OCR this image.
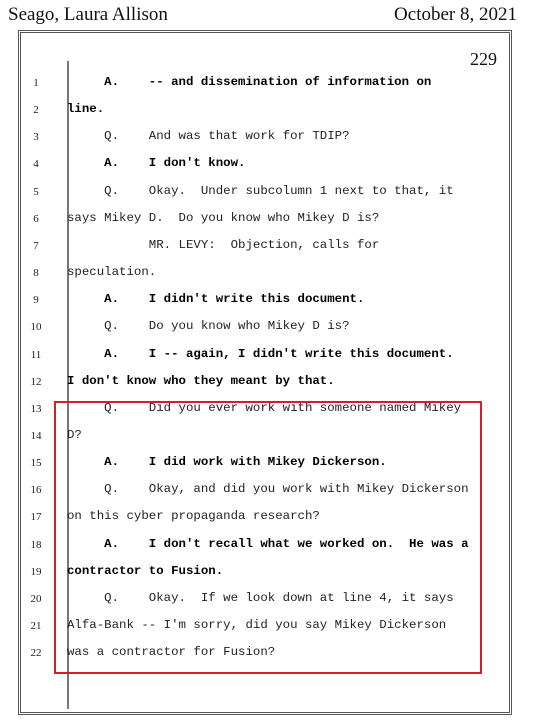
Seago, Laura Allison	October 8, 2021
229
1	A.    -- and dissemination of information on
2	line.
3	Q.    And was that work for TDIP?
4	A.    I don't know.
5	Q.    Okay.  Under subcolumn 1 next to that, it
6	says Mikey D.  Do you know who Mikey D is?
7	MR. LEVY:  Objection, calls for
8	speculation.
9	A.    I didn't write this document.
10	Q.    Do you know who Mikey D is?
11	A.    I -- again, I didn't write this document.
12	I don't know who they meant by that.
13	Q.    Did you ever work with someone named Mikey
14	D?
15	A.    I did work with Mikey Dickerson.
16	Q.    Okay, and did you work with Mikey Dickerson
17	on this cyber propaganda research?
18	A.    I don't recall what we worked on.  He was a
19	contractor to Fusion.
20	Q.    Okay.  If we look down at line 4, it says
21	Alfa-Bank -- I'm sorry, did you say Mikey Dickerson
22	was a contractor for Fusion?
